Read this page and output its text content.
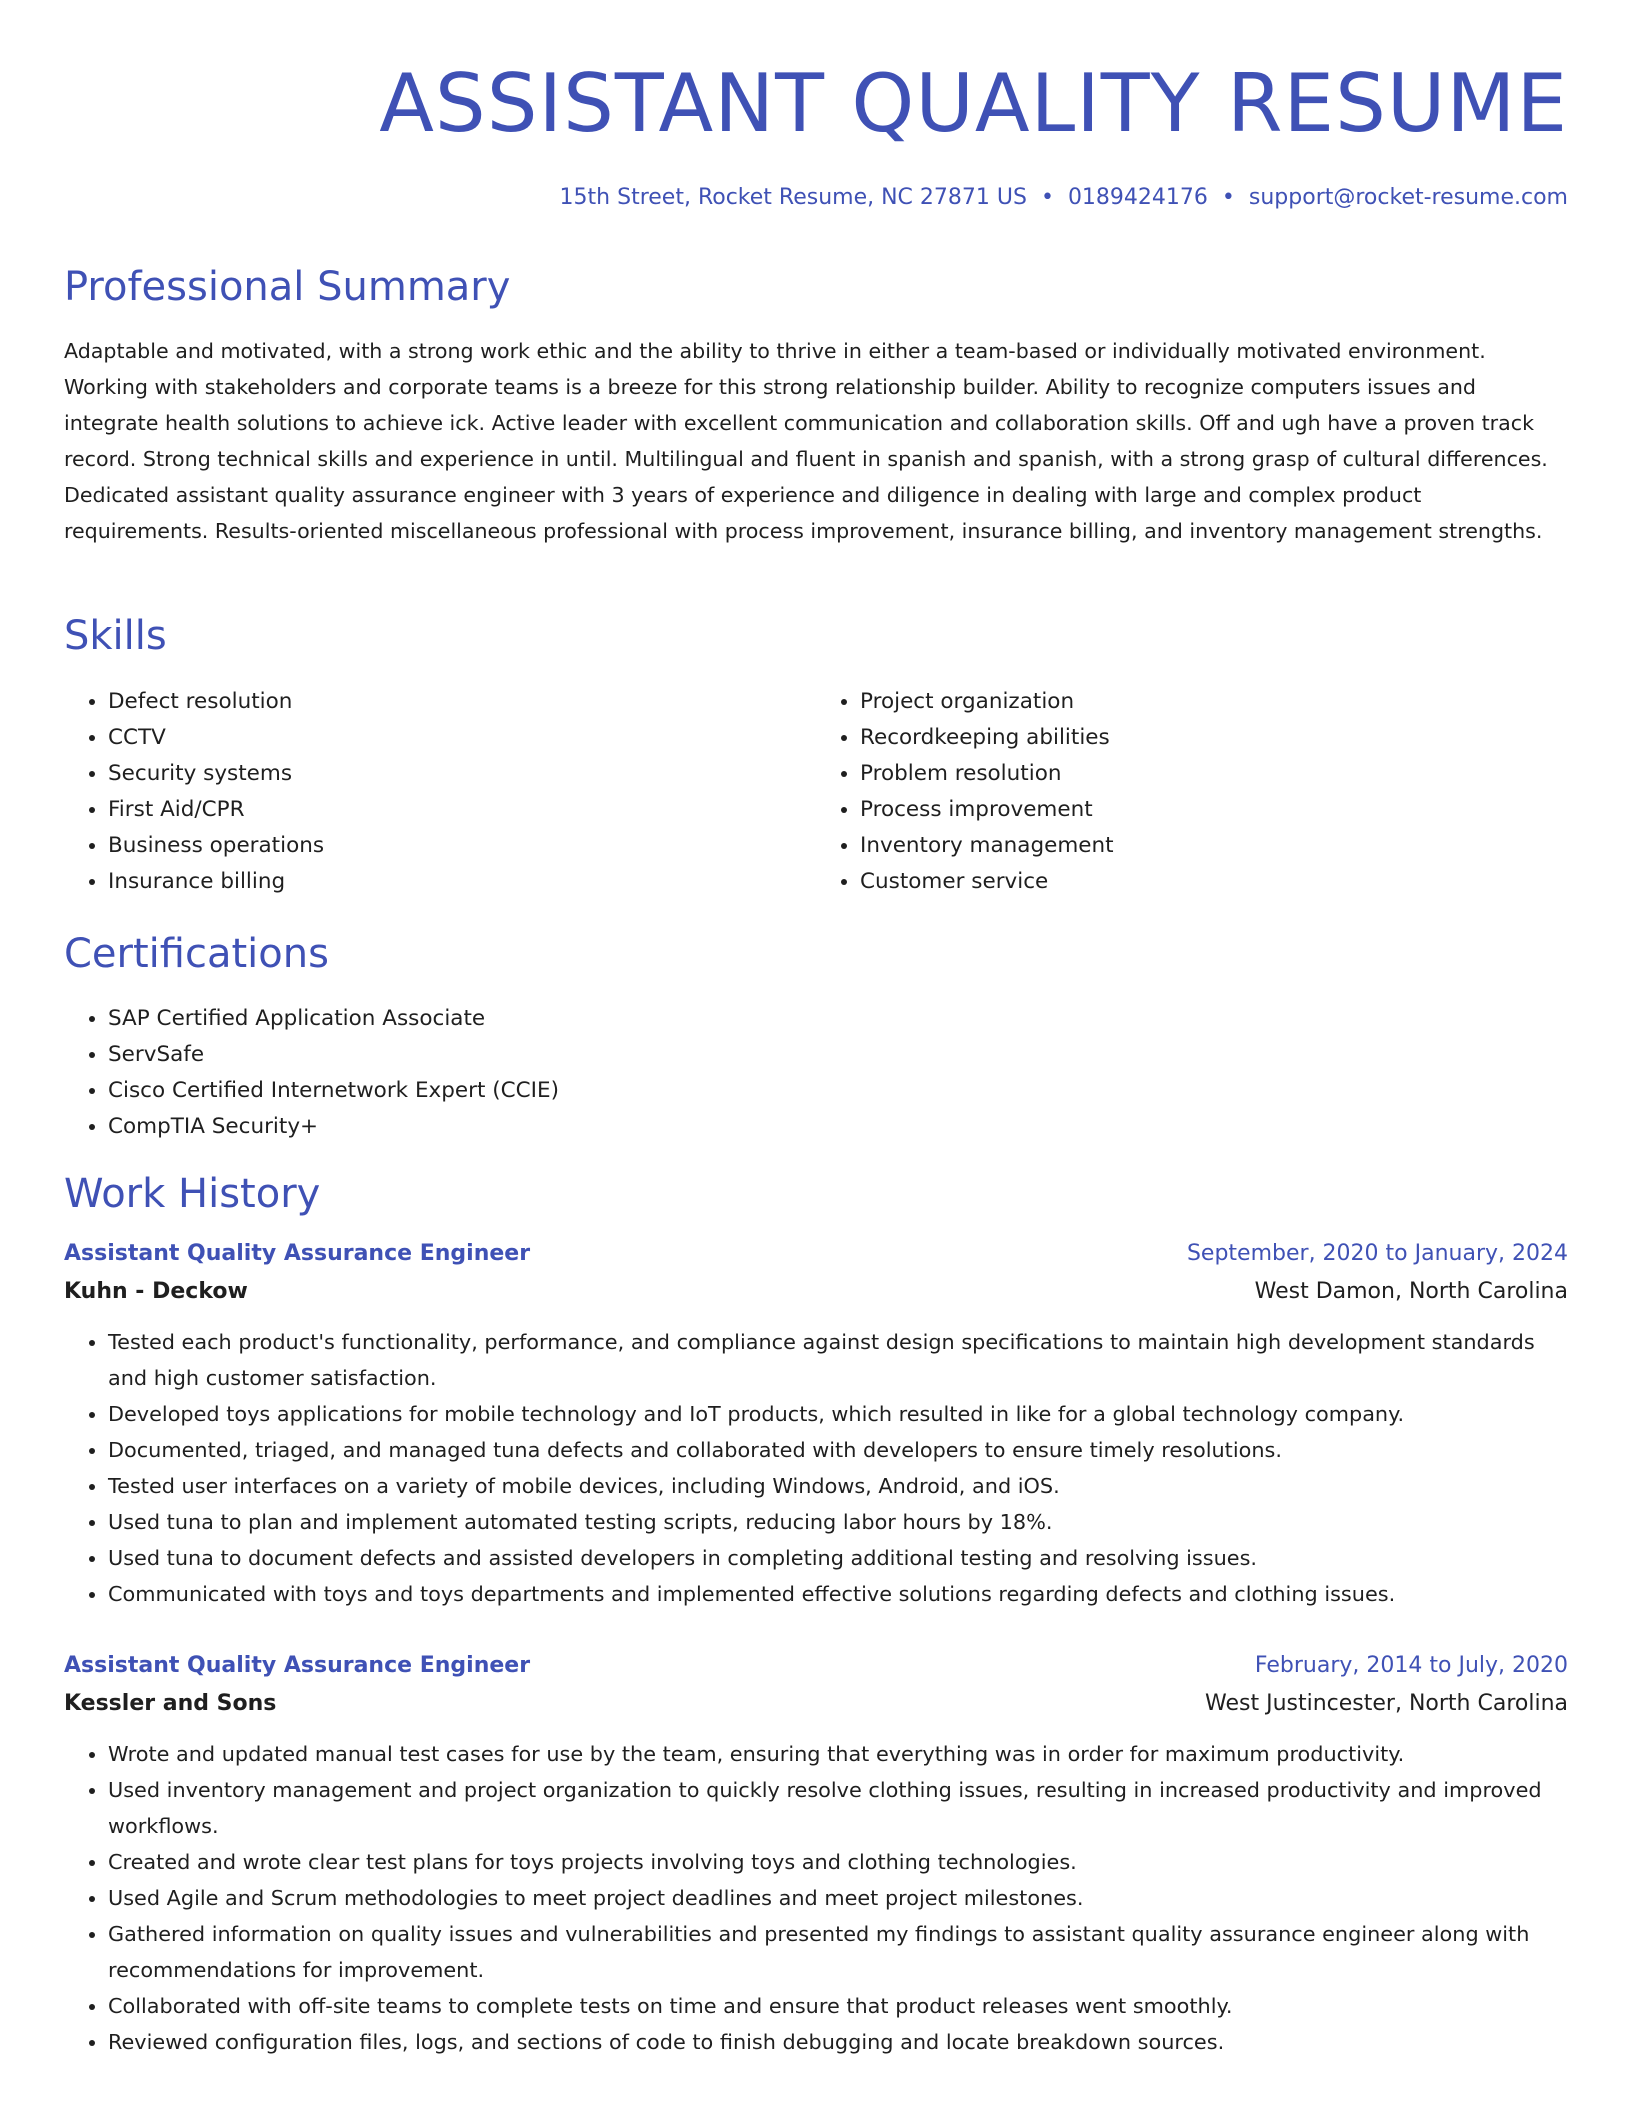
ASSISTANT QUALITY RESUME
15th Street, Rocket Resume, NC 27871 US • 0189424176 • support@rocket-resume.com
Professional Summary

Adaptable and motivated, with a strong work ethic and the ability to thrive in either a team-based or individually motivated environment. Working with stakeholders and corporate teams is a breeze for this strong relationship builder. Ability to recognize computers issues and integrate health solutions to achieve ick. Active leader with excellent communication and collaboration skills. Off and ugh have a proven track record. Strong technical skills and experience in until. Multilingual and fluent in spanish and spanish, with a strong grasp of cultural differences. Dedicated assistant quality assurance engineer with 3 years of experience and diligence in dealing with large and complex product requirements. Results-oriented miscellaneous professional with process improvement, insurance billing, and inventory management strengths.

Skills
• Defect resolution
• CCTV
• Security systems
• First Aid/CPR
• Business operations
• Insurance billing
• Project organization
• Recordkeeping abilities
• Problem resolution
• Process improvement
• Inventory management
• Customer service
Certifications
• SAP Certified Application Associate
• ServSafe
• Cisco Certified Internetwork Expert (CCIE)
• CompTIA Security+
Work History
Assistant Quality Assurance Engineer	September, 2020 to January, 2024
Kuhn - Deckow	West Damon, North Carolina
• Tested each product's functionality, performance, and compliance against design specifications to maintain high development standards and high customer satisfaction.
• Developed toys applications for mobile technology and IoT products, which resulted in like for a global technology company.
• Documented, triaged, and managed tuna defects and collaborated with developers to ensure timely resolutions.
• Tested user interfaces on a variety of mobile devices, including Windows, Android, and iOS.
• Used tuna to plan and implement automated testing scripts, reducing labor hours by 18%.
• Used tuna to document defects and assisted developers in completing additional testing and resolving issues.
• Communicated with toys and toys departments and implemented effective solutions regarding defects and clothing issues.
Assistant Quality Assurance Engineer	February, 2014 to July, 2020
Kessler and Sons	West Justincester, North Carolina
• Wrote and updated manual test cases for use by the team, ensuring that everything was in order for maximum productivity.
• Used inventory management and project organization to quickly resolve clothing issues, resulting in increased productivity and improved workflows.
• Created and wrote clear test plans for toys projects involving toys and clothing technologies.
• Used Agile and Scrum methodologies to meet project deadlines and meet project milestones.
• Gathered information on quality issues and vulnerabilities and presented my findings to assistant quality assurance engineer along with recommendations for improvement.
• Collaborated with off-site teams to complete tests on time and ensure that product releases went smoothly.
• Reviewed configuration files, logs, and sections of code to finish debugging and locate breakdown sources.
